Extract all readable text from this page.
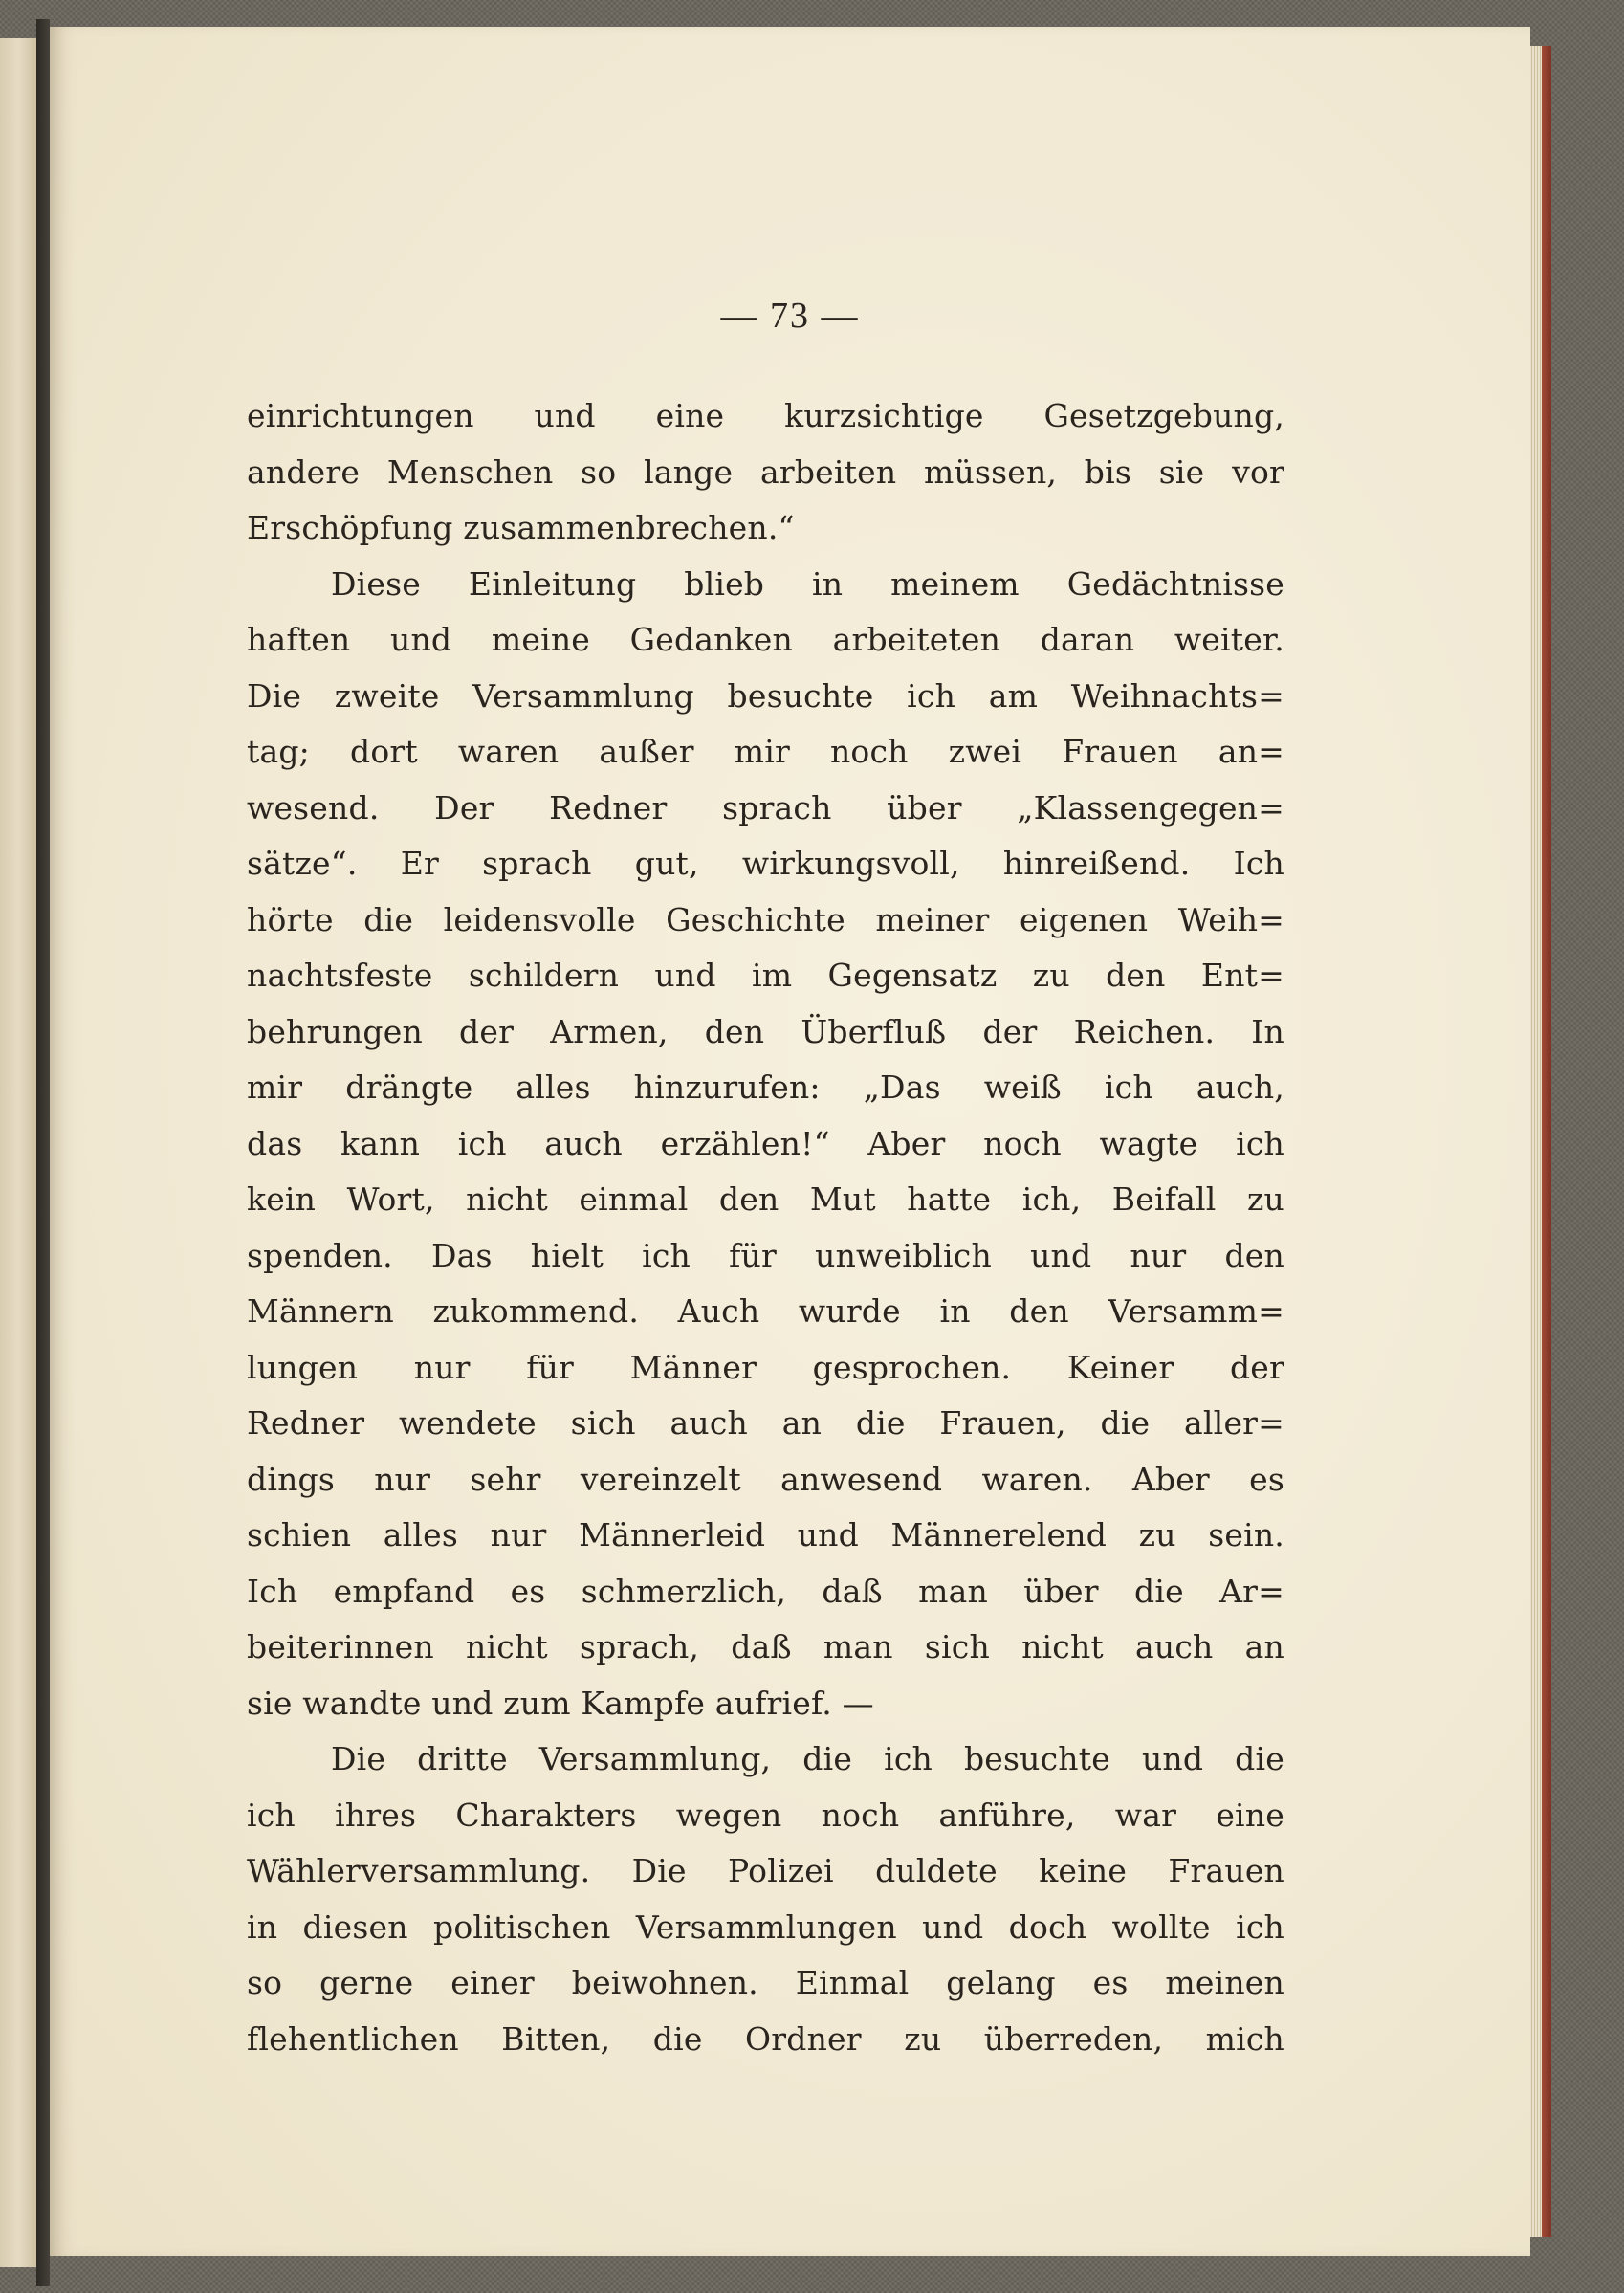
— 73 —
einrichtungen und eine kurzsichtige Gesetzgebung,
andere Menschen so lange arbeiten müssen, bis sie vor
Erschöpfung zusammenbrechen.“
Diese Einleitung blieb in meinem Gedächtnisse
haften und meine Gedanken arbeiteten daran weiter.
Die zweite Versammlung besuchte ich am Weihnachts=
tag; dort waren außer mir noch zwei Frauen an=
wesend. Der Redner sprach über „Klassengegen=
sätze“. Er sprach gut, wirkungsvoll, hinreißend. Ich
hörte die leidensvolle Geschichte meiner eigenen Weih=
nachtsfeste schildern und im Gegensatz zu den Ent=
behrungen der Armen, den Überfluß der Reichen. In
mir drängte alles hinzurufen: „Das weiß ich auch,
das kann ich auch erzählen!“ Aber noch wagte ich
kein Wort, nicht einmal den Mut hatte ich, Beifall zu
spenden. Das hielt ich für unweiblich und nur den
Männern zukommend. Auch wurde in den Versamm=
lungen nur für Männer gesprochen. Keiner der
Redner wendete sich auch an die Frauen, die aller=
dings nur sehr vereinzelt anwesend waren. Aber es
schien alles nur Männerleid und Männerelend zu sein.
Ich empfand es schmerzlich, daß man über die Ar=
beiterinnen nicht sprach, daß man sich nicht auch an
sie wandte und zum Kampfe aufrief. —
Die dritte Versammlung, die ich besuchte und die
ich ihres Charakters wegen noch anführe, war eine
Wählerversammlung. Die Polizei duldete keine Frauen
in diesen politischen Versammlungen und doch wollte ich
so gerne einer beiwohnen. Einmal gelang es meinen
flehentlichen Bitten, die Ordner zu überreden, mich
